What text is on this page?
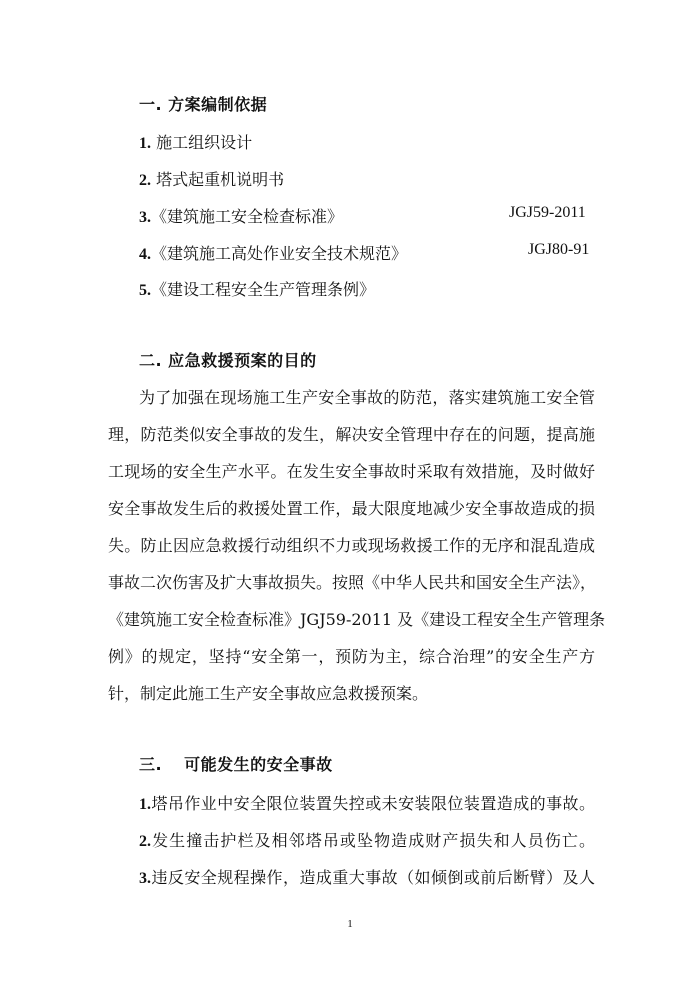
一. 方案编制依据
1. 施工组织设计
2. 塔式起重机说明书
3.《建筑施工安全检查标准》	JGJ59-2011
4.《建筑施工高处作业安全技术规范》	JGJ80-91
5.《建设工程安全生产管理条例》
二. 应急救援预案的目的
为了加强在现场施工生产安全事故的防范，落实建筑施工安全管
理，防范类似安全事故的发生，解决安全管理中存在的问题，提高施
工现场的安全生产水平。在发生安全事故时采取有效措施，及时做好
安全事故发生后的救援处置工作，最大限度地减少安全事故造成的损
失。防止因应急救援行动组织不力或现场救援工作的无序和混乱造成
事故二次伤害及扩大事故损失。按照《中华人民共和国安全生产法》，
《建筑施工安全检查标准》JGJ59-2011 及《建设工程安全生产管理条
例》的规定，坚持“安全第一，预防为主，综合治理”的安全生产方
针，制定此施工生产安全事故应急救援预案。
三. 可能发生的安全事故
1.塔吊作业中安全限位装置失控或未安装限位装置造成的事故。
2.发生撞击护栏及相邻塔吊或坠物造成财产损失和人员伤亡。
3.违反安全规程操作，造成重大事故（如倾倒或前后断臂）及人
1
